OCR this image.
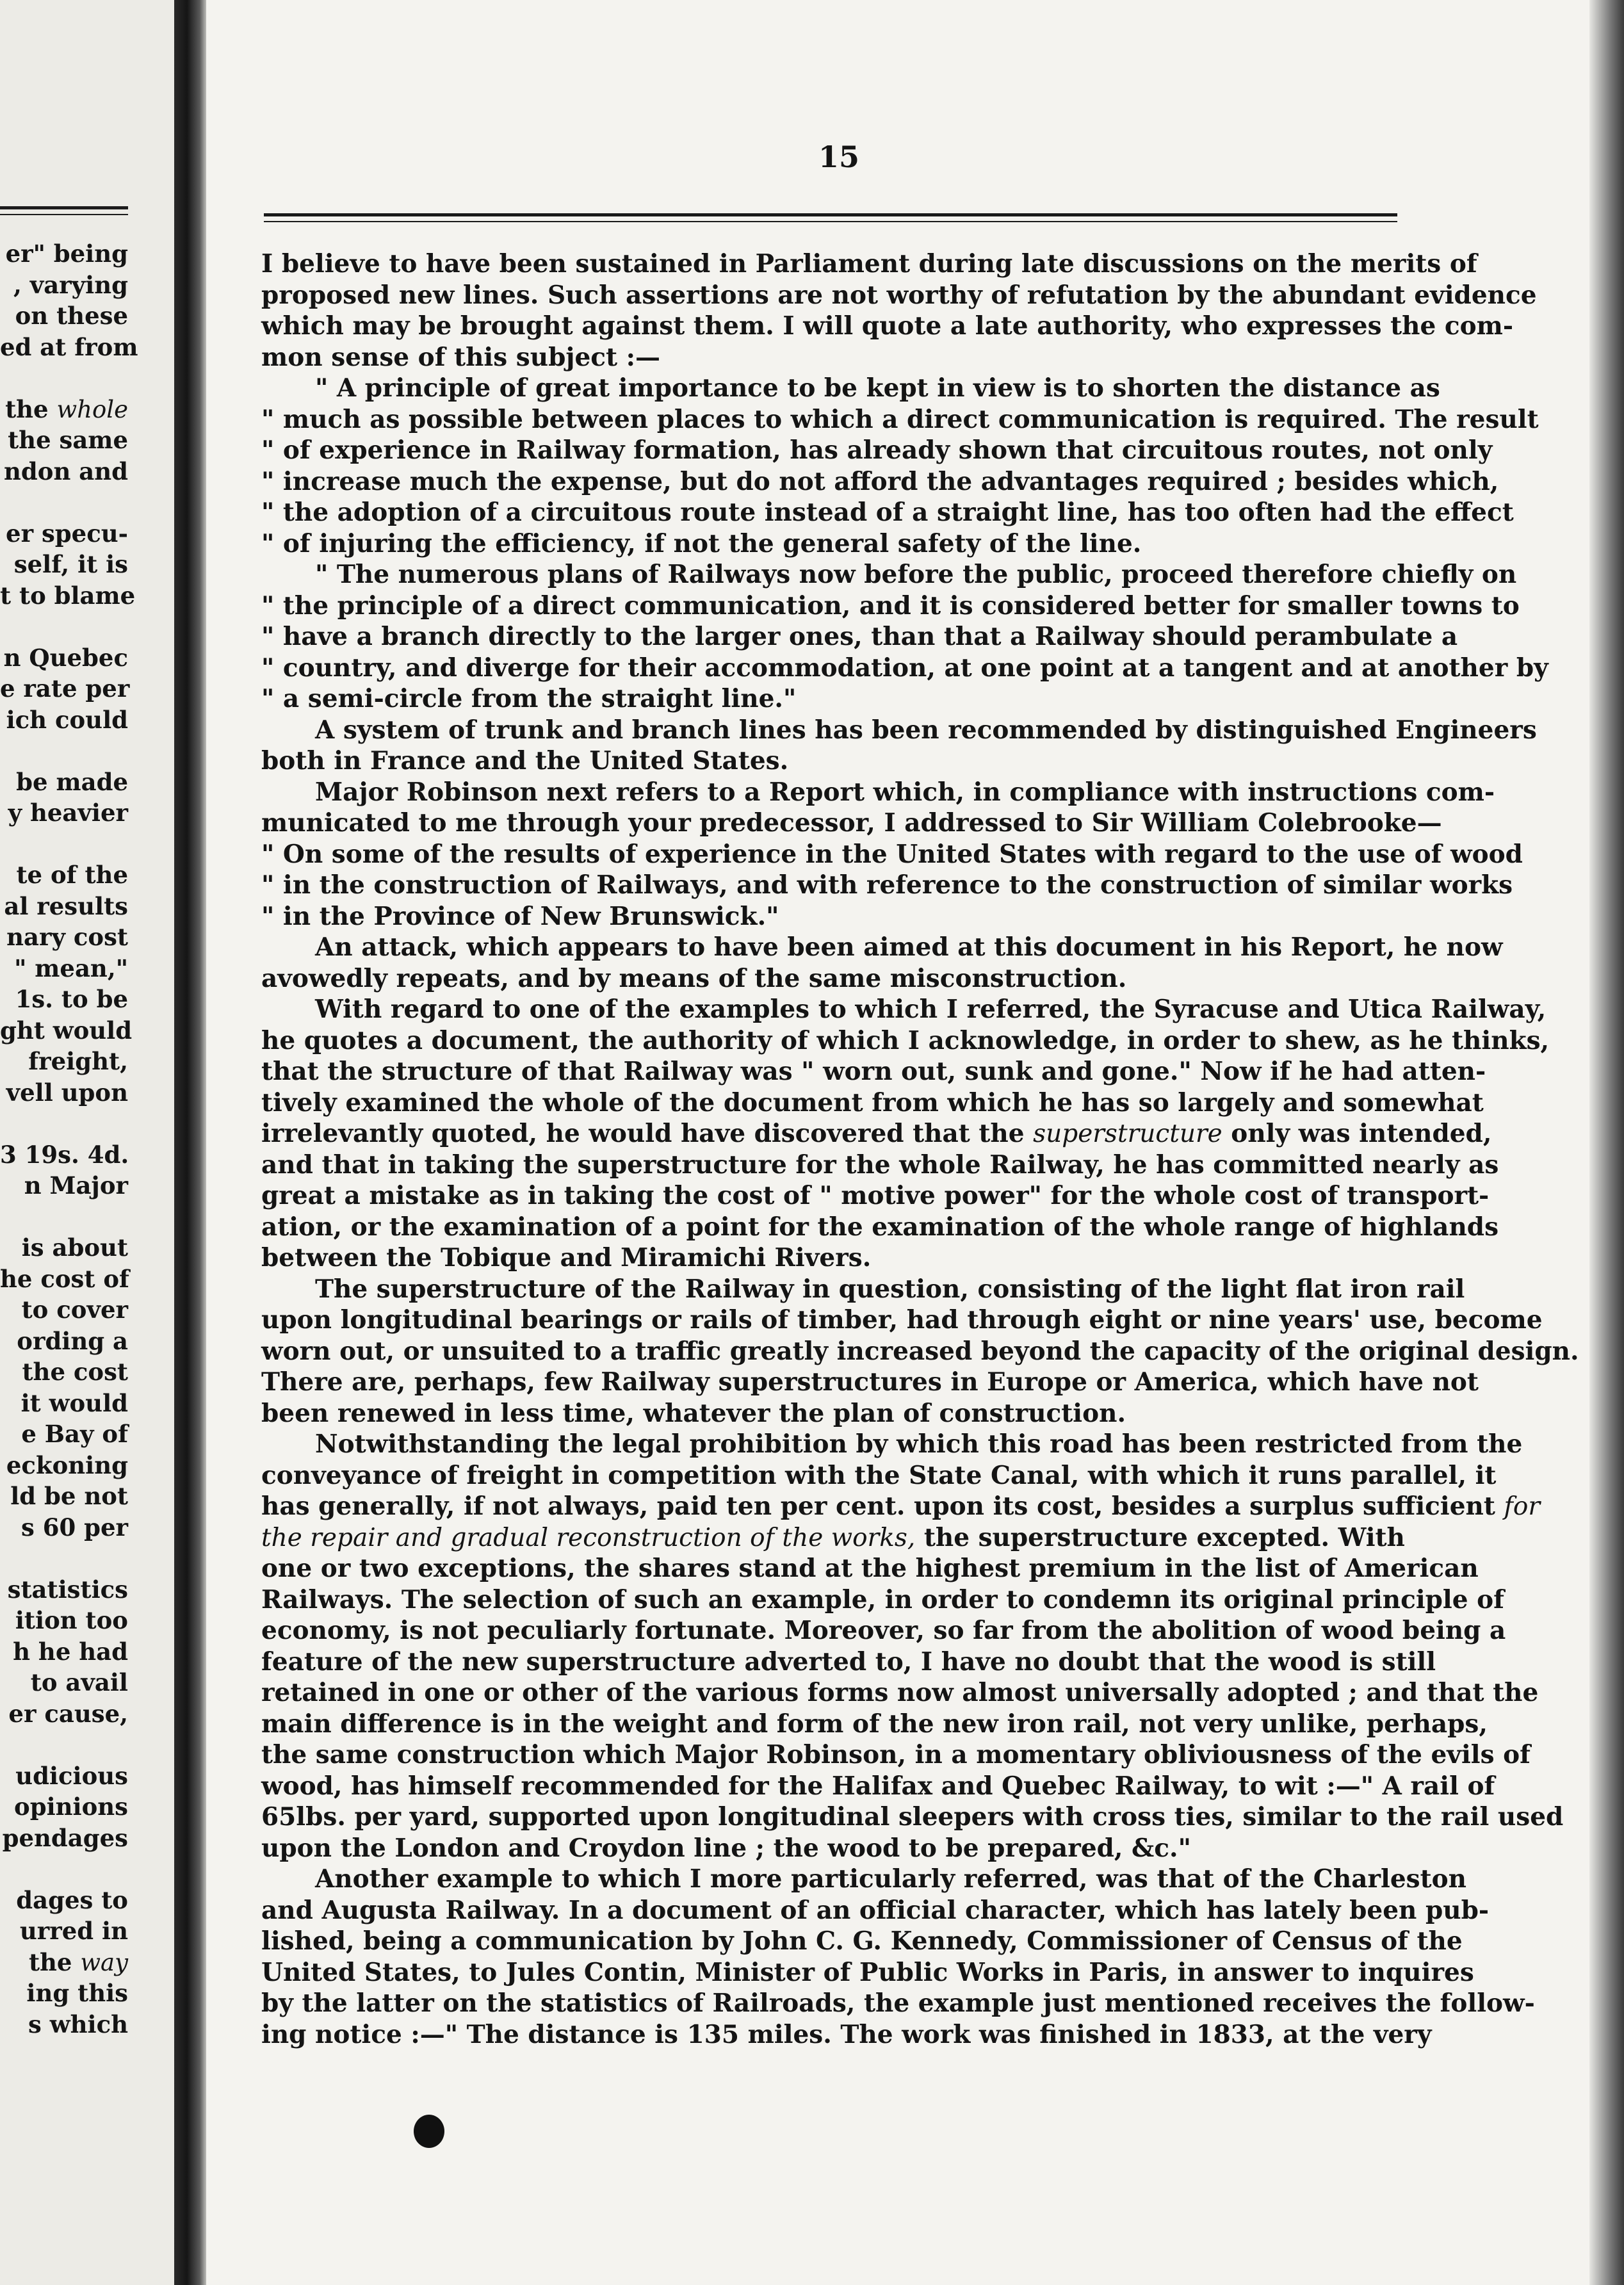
er" being
, varying
on these
ed at from
the whole
the same
ndon and
er specu-
self, it is
t to blame
n Quebec
e rate per
ich could
be made
y heavier
te of the
al results
nary cost
" mean,"
1s. to be
ght would
freight,
vell upon
3 19s. 4d.
n Major
is about
he cost of
to cover
ording a
the cost
it would
e Bay of
eckoning
ld be not
s 60 per
statistics
ition too
h he had
to avail
er cause,
udicious
opinions
pendages
dages to
urred in
the way
ing this
s which
15
I believe to have been sustained in Parliament during late discussions on the merits of
proposed new lines. Such assertions are not worthy of refutation by the abundant evidence
which may be brought against them. I will quote a late authority, who expresses the com-
mon sense of this subject :—
" A principle of great importance to be kept in view is to shorten the distance as
" much as possible between places to which a direct communication is required. The result
" of experience in Railway formation, has already shown that circuitous routes, not only
" increase much the expense, but do not afford the advantages required ; besides which,
" the adoption of a circuitous route instead of a straight line, has too often had the effect
" of injuring the efficiency, if not the general safety of the line.
" The numerous plans of Railways now before the public, proceed therefore chiefly on
" the principle of a direct communication, and it is considered better for smaller towns to
" have a branch directly to the larger ones, than that a Railway should perambulate a
" country, and diverge for their accommodation, at one point at a tangent and at another by
" a semi-circle from the straight line."
A system of trunk and branch lines has been recommended by distinguished Engineers
both in France and the United States.
Major Robinson next refers to a Report which, in compliance with instructions com-
municated to me through your predecessor, I addressed to Sir William Colebrooke—
" On some of the results of experience in the United States with regard to the use of wood
" in the construction of Railways, and with reference to the construction of similar works
" in the Province of New Brunswick."
An attack, which appears to have been aimed at this document in his Report, he now
avowedly repeats, and by means of the same misconstruction.
With regard to one of the examples to which I referred, the Syracuse and Utica Railway,
he quotes a document, the authority of which I acknowledge, in order to shew, as he thinks,
that the structure of that Railway was " worn out, sunk and gone." Now if he had atten-
tively examined the whole of the document from which he has so largely and somewhat
irrelevantly quoted, he would have discovered that the superstructure only was intended,
and that in taking the superstructure for the whole Railway, he has committed nearly as
great a mistake as in taking the cost of " motive power" for the whole cost of transport-
ation, or the examination of a point for the examination of the whole range of highlands
between the Tobique and Miramichi Rivers.
The superstructure of the Railway in question, consisting of the light flat iron rail
upon longitudinal bearings or rails of timber, had through eight or nine years' use, become
worn out, or unsuited to a traffic greatly increased beyond the capacity of the original design.
There are, perhaps, few Railway superstructures in Europe or America, which have not
been renewed in less time, whatever the plan of construction.
Notwithstanding the legal prohibition by which this road has been restricted from the
conveyance of freight in competition with the State Canal, with which it runs parallel, it
has generally, if not always, paid ten per cent. upon its cost, besides a surplus sufficient for
the repair and gradual reconstruction of the works, the superstructure excepted. With
one or two exceptions, the shares stand at the highest premium in the list of American
Railways. The selection of such an example, in order to condemn its original principle of
economy, is not peculiarly fortunate. Moreover, so far from the abolition of wood being a
feature of the new superstructure adverted to, I have no doubt that the wood is still
retained in one or other of the various forms now almost universally adopted ; and that the
main difference is in the weight and form of the new iron rail, not very unlike, perhaps,
the same construction which Major Robinson, in a momentary obliviousness of the evils of
wood, has himself recommended for the Halifax and Quebec Railway, to wit :—" A rail of
65lbs. per yard, supported upon longitudinal sleepers with cross ties, similar to the rail used
upon the London and Croydon line ; the wood to be prepared, &c."
Another example to which I more particularly referred, was that of the Charleston
and Augusta Railway. In a document of an official character, which has lately been pub-
lished, being a communication by John C. G. Kennedy, Commissioner of Census of the
United States, to Jules Contin, Minister of Public Works in Paris, in answer to inquires
by the latter on the statistics of Railroads, the example just mentioned receives the follow-
ing notice :—" The distance is 135 miles. The work was finished in 1833, at the very
